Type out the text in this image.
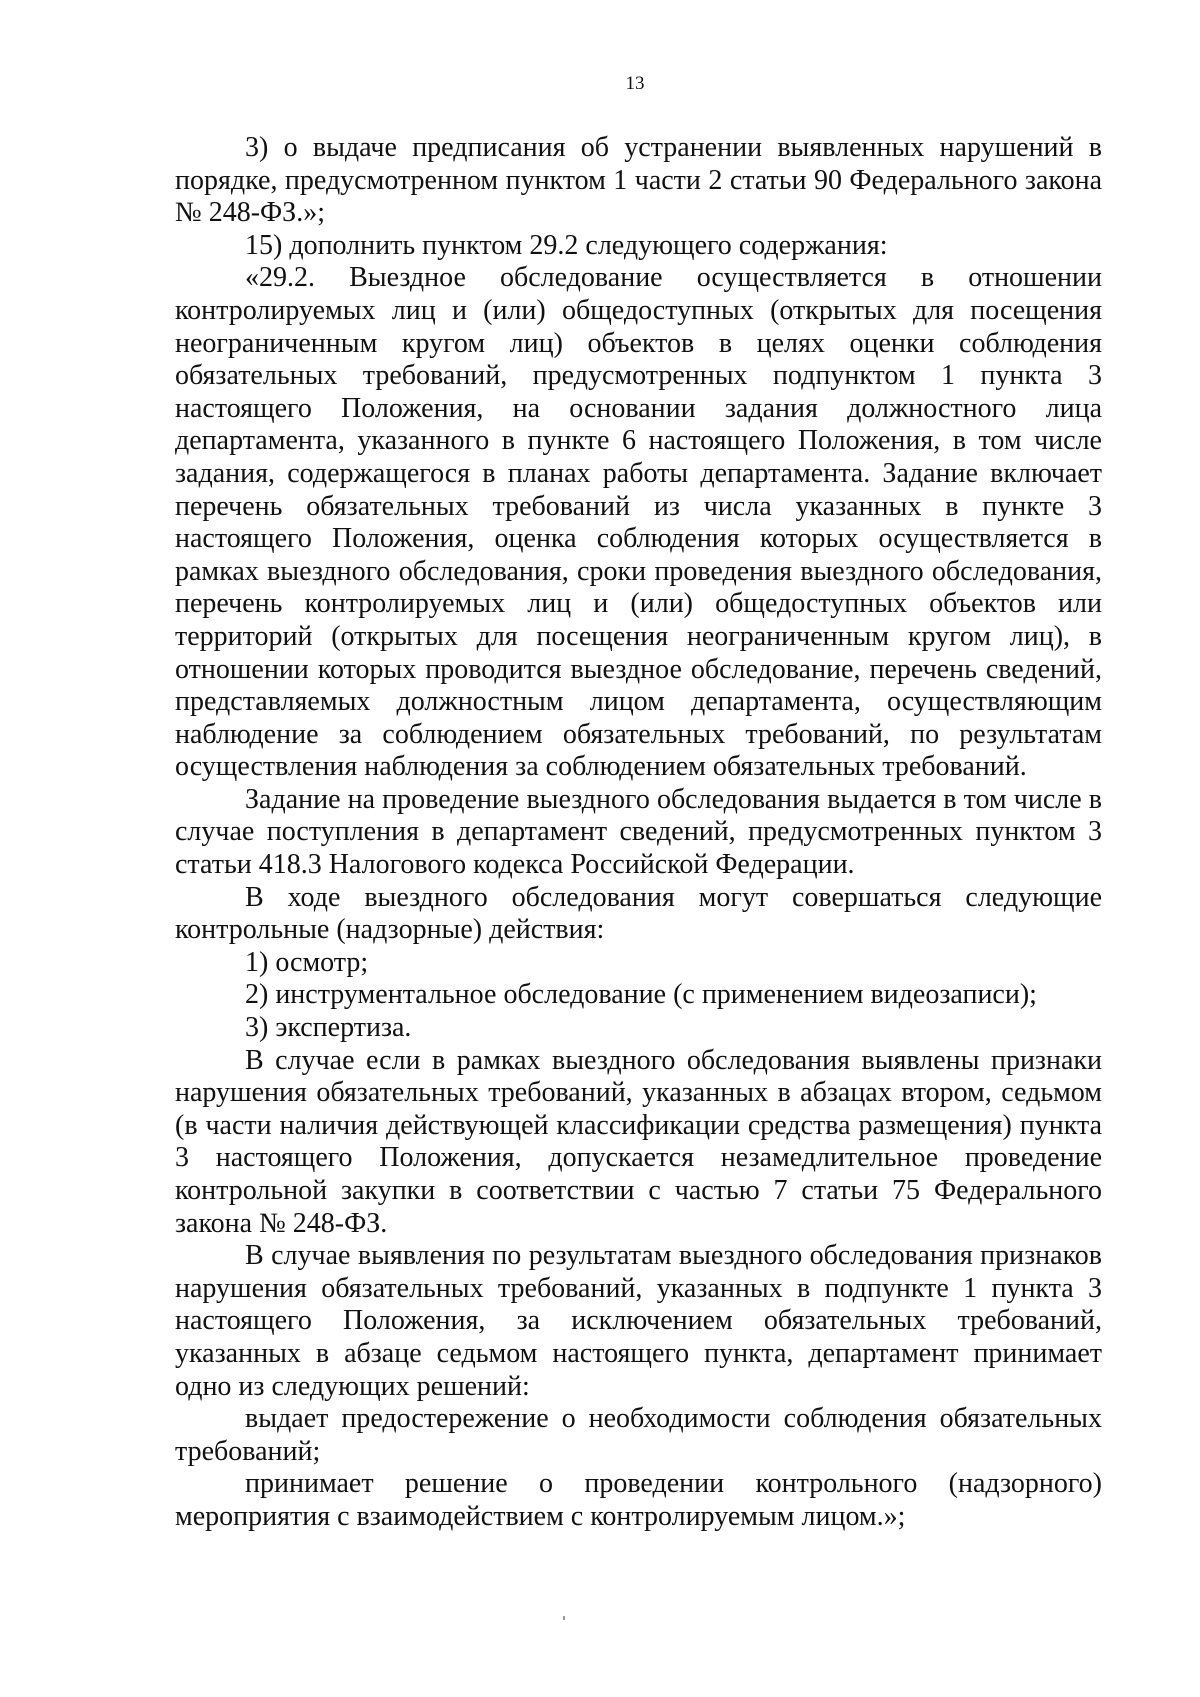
13

3) о выдаче предписания об устранении выявленных нарушений в порядке, предусмотренном пунктом 1 части 2 статьи 90 Федерального закона № 248-ФЗ.»;

15) дополнить пунктом 29.2 следующего содержания:

«29.2. Выездное обследование осуществляется в отношении контролируемых лиц и (или) общедоступных (открытых для посещения неограниченным кругом лиц) объектов в целях оценки соблюдения обязательных требований, предусмотренных подпунктом 1 пункта 3 настоящего Положения, на основании задания должностного лица департамента, указанного в пункте 6 настоящего Положения, в том числе задания, содержащегося в планах работы департамента. Задание включает перечень обязательных требований из числа указанных в пункте 3 настоящего Положения, оценка соблюдения которых осуществляется в рамках выездного обследования, сроки проведения выездного обследования, перечень контролируемых лиц и (или) общедоступных объектов или территорий (открытых для посещения неограниченным кругом лиц), в отношении которых проводится выездное обследование, перечень сведений, представляемых должностным лицом департамента, осуществляющим наблюдение за соблюдением обязательных требований, по результатам осуществления наблюдения за соблюдением обязательных требований.

Задание на проведение выездного обследования выдается в том числе в случае поступления в департамент сведений, предусмотренных пунктом 3 статьи 418.3 Налогового кодекса Российской Федерации.

В ходе выездного обследования могут совершаться следующие контрольные (надзорные) действия:

1) осмотр;

2) инструментальное обследование (с применением видеозаписи);

3) экспертиза.

В случае если в рамках выездного обследования выявлены признаки нарушения обязательных требований, указанных в абзацах втором, седьмом (в части наличия действующей классификации средства размещения) пункта 3 настоящего Положения, допускается незамедлительное проведение контрольной закупки в соответствии с частью 7 статьи 75 Федерального закона № 248-ФЗ.

В случае выявления по результатам выездного обследования признаков нарушения обязательных требований, указанных в подпункте 1 пункта 3 настоящего Положения, за исключением обязательных требований, указанных в абзаце седьмом настоящего пункта, департамент принимает одно из следующих решений:

выдает предостережение о необходимости соблюдения обязательных требований;

принимает решение о проведении контрольного (надзорного) мероприятия с взаимодействием с контролируемым лицом.»;
